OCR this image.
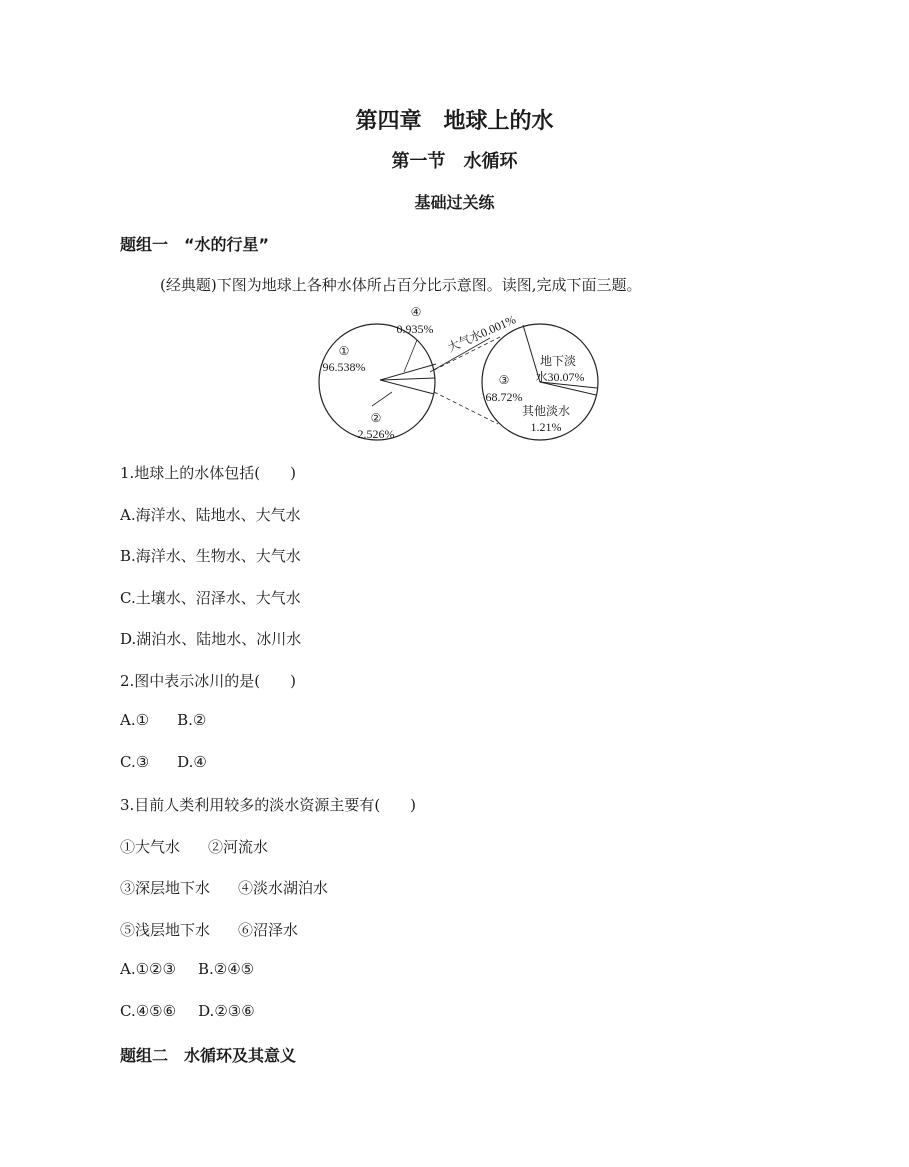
第四章　地球上的水
第一节　水循环
基础过关练
题组一　“水的行星”
(经典题)下图为地球上各种水体所占百分比示意图。读图,完成下面三题。
④
0.935%
①
96.538%
②
2.526%
大气水0.001%
③
68.72%
地下淡
水30.07%
其他淡水
1.21%
1.地球上的水体包括(　　)
A.海洋水、陆地水、大气水
B.海洋水、生物水、大气水
C.土壤水、沼泽水、大气水
D.湖泊水、陆地水、冰川水
2.图中表示冰川的是(　　)
A.① B.②
C.③ D.④
3.目前人类利用较多的淡水资源主要有(　　)
①大气水 ②河流水
③深层地下水 ④淡水湖泊水
⑤浅层地下水 ⑥沼泽水
A.①②③ B.②④⑤
C.④⑤⑥ D.②③⑥
题组二　水循环及其意义
